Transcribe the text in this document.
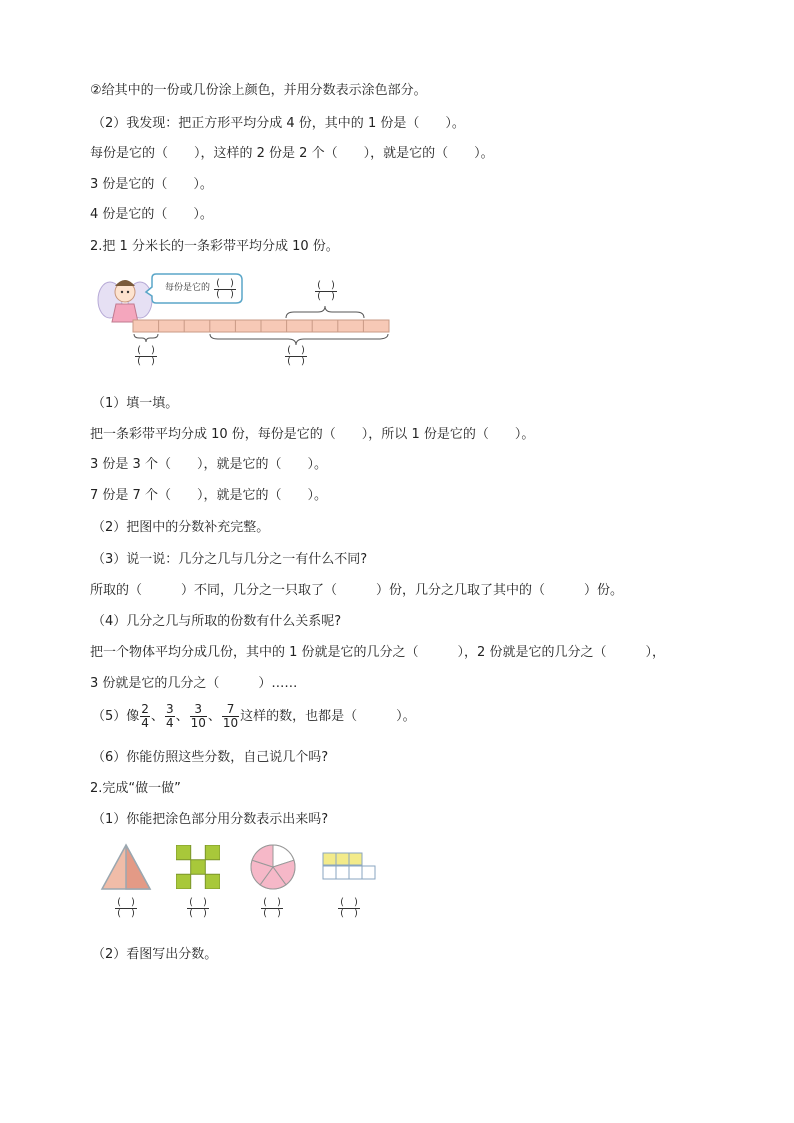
②给其中的一份或几份涂上颜色，并用分数表示涂色部分。
（2）我发现：把正方形平均分成 4 份，其中的 1 份是（　　）。
每份是它的（　　），这样的 2 份是 2 个（　　），就是它的（　　）。
3 份是它的（　　）。
4 份是它的（　　）。
2.把 1 分米长的一条彩带平均分成 10 份。
每份是它的 (　)
(　)
(　)
(　)
(　)
(　)
(　)
(　)
（1）填一填。
把一条彩带平均分成 10 份，每份是它的（　　），所以 1 份是它的（　　）。
3 份是 3 个（　　），就是它的（　　）。
7 份是 7 个（　　），就是它的（　　）。
（2）把图中的分数补充完整。
（3）说一说：几分之几与几分之一有什么不同?
所取的（　　　）不同，几分之一只取了（　　　）份，几分之几取了其中的（　　　）份。
（4）几分之几与所取的份数有什么关系呢?
把一个物体平均分成几份，其中的 1 份就是它的几分之（　　　），2 份就是它的几分之（　　　），
3 份就是它的几分之（　　　）……
（5）像 $\frac{2}{4}$ 、 $\frac{3}{4}$ 、 $\frac{3}{10}$ 、 $\frac{7}{10}$ 这样的数，也都是（　　　）。
（6）你能仿照这些分数，自己说几个吗?
2.完成“做一做”
（1）你能把涂色部分用分数表示出来吗?
(　)
(　)
(　)
(　)
(　)
(　)
(　)
(　)
（2）看图写出分数。
